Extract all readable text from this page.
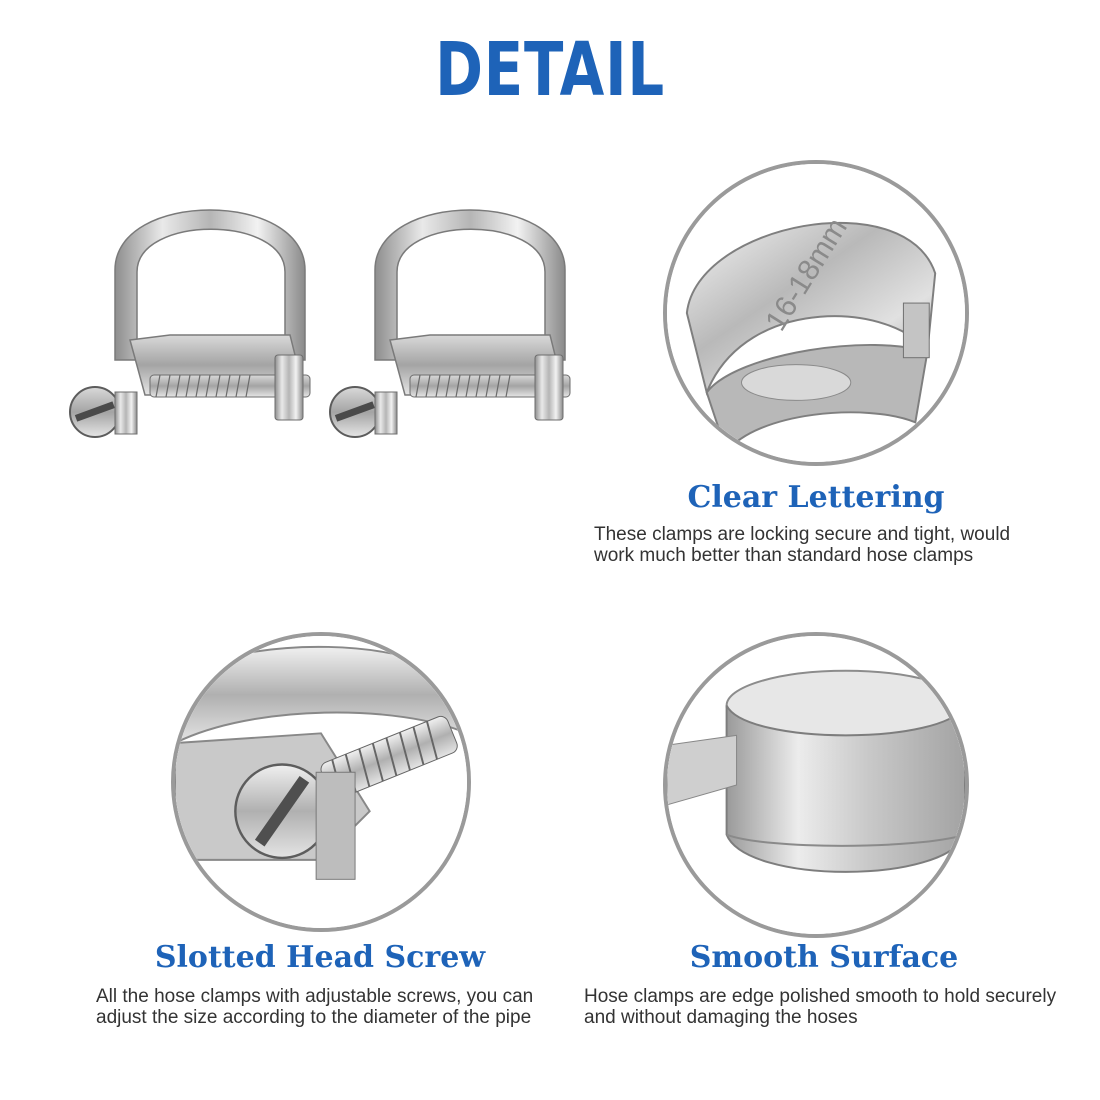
DETAIL
16-18mm
Clear Lettering
These clamps are locking secure and tight, would work much better than standard hose clamps
Slotted Head Screw
All the hose clamps with adjustable screws, you can adjust the size according to the diameter of the pipe
Smooth Surface
Hose clamps are edge polished smooth to hold securely and without damaging the hoses
